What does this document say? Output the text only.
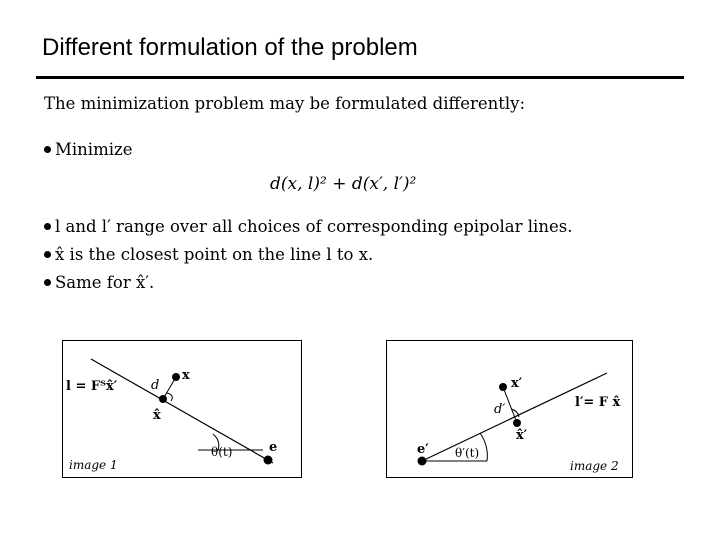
Different formulation of the problem
The minimization problem may be formulated differently:
Minimize
d(x, l)² + d(x′, l′)²
l and l′ range over all choices of corresponding epipolar lines.
x̂ is the closest point on the line l to x.
Same for x̂′.
l = Fᵀx̂′
x
d
x̂
θ(t)	e
image 1
x′
d′
x̂′
l′= F x̂
e′ θ′(t)
image 2
